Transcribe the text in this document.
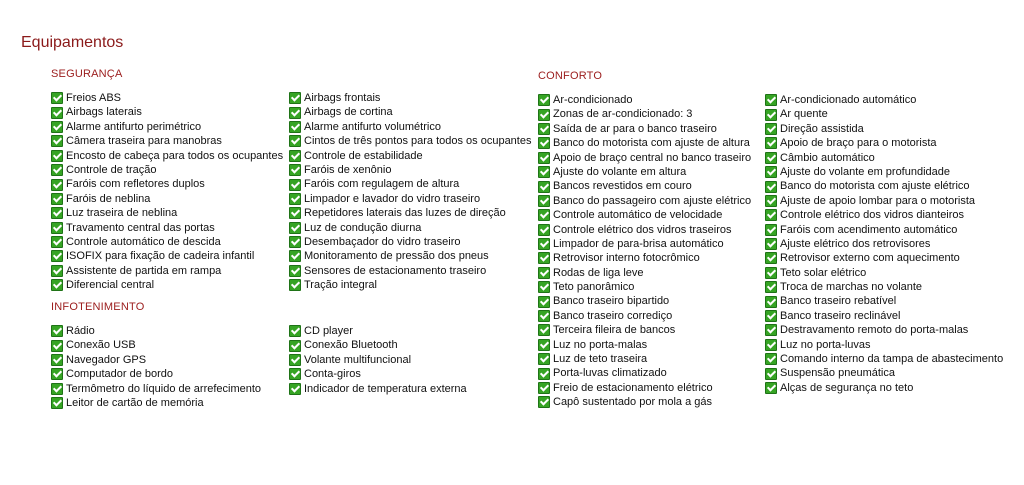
Equipamentos
SEGURANÇA
Freios ABS
Airbags laterais
Alarme antifurto perimétrico
Câmera traseira para manobras
Encosto de cabeça para todos os ocupantes
Controle de tração
Faróis com refletores duplos
Faróis de neblina
Luz traseira de neblina
Travamento central das portas
Controle automático de descida
ISOFIX para fixação de cadeira infantil
Assistente de partida em rampa
Diferencial central
Airbags frontais
Airbags de cortina
Alarme antifurto volumétrico
Cintos de três pontos para todos os ocupantes
Controle de estabilidade
Faróis de xenônio
Faróis com regulagem de altura
Limpador e lavador do vidro traseiro
Repetidores laterais das luzes de direção
Luz de condução diurna
Desembaçador do vidro traseiro
Monitoramento de pressão dos pneus
Sensores de estacionamento traseiro
Tração integral
INFOTENIMENTO
Rádio
Conexão USB
Navegador GPS
Computador de bordo
Termômetro do líquido de arrefecimento
Leitor de cartão de memória
CD player
Conexão Bluetooth
Volante multifuncional
Conta-giros
Indicador de temperatura externa
CONFORTO
Ar-condicionado
Zonas de ar-condicionado: 3
Saída de ar para o banco traseiro
Banco do motorista com ajuste de altura
Apoio de braço central no banco traseiro
Ajuste do volante em altura
Bancos revestidos em couro
Banco do passageiro com ajuste elétrico
Controle automático de velocidade
Controle elétrico dos vidros traseiros
Limpador de para-brisa automático
Retrovisor interno fotocrômico
Rodas de liga leve
Teto panorâmico
Banco traseiro bipartido
Banco traseiro corrediço
Terceira fileira de bancos
Luz no porta-malas
Luz de teto traseira
Porta-luvas climatizado
Freio de estacionamento elétrico
Capô sustentado por mola a gás
Ar-condicionado automático
Ar quente
Direção assistida
Apoio de braço para o motorista
Câmbio automático
Ajuste do volante em profundidade
Banco do motorista com ajuste elétrico
Ajuste de apoio lombar para o motorista
Controle elétrico dos vidros dianteiros
Faróis com acendimento automático
Ajuste elétrico dos retrovisores
Retrovisor externo com aquecimento
Teto solar elétrico
Troca de marchas no volante
Banco traseiro rebatível
Banco traseiro reclinável
Destravamento remoto do porta-malas
Luz no porta-luvas
Comando interno da tampa de abastecimento
Suspensão pneumática
Alças de segurança no teto
